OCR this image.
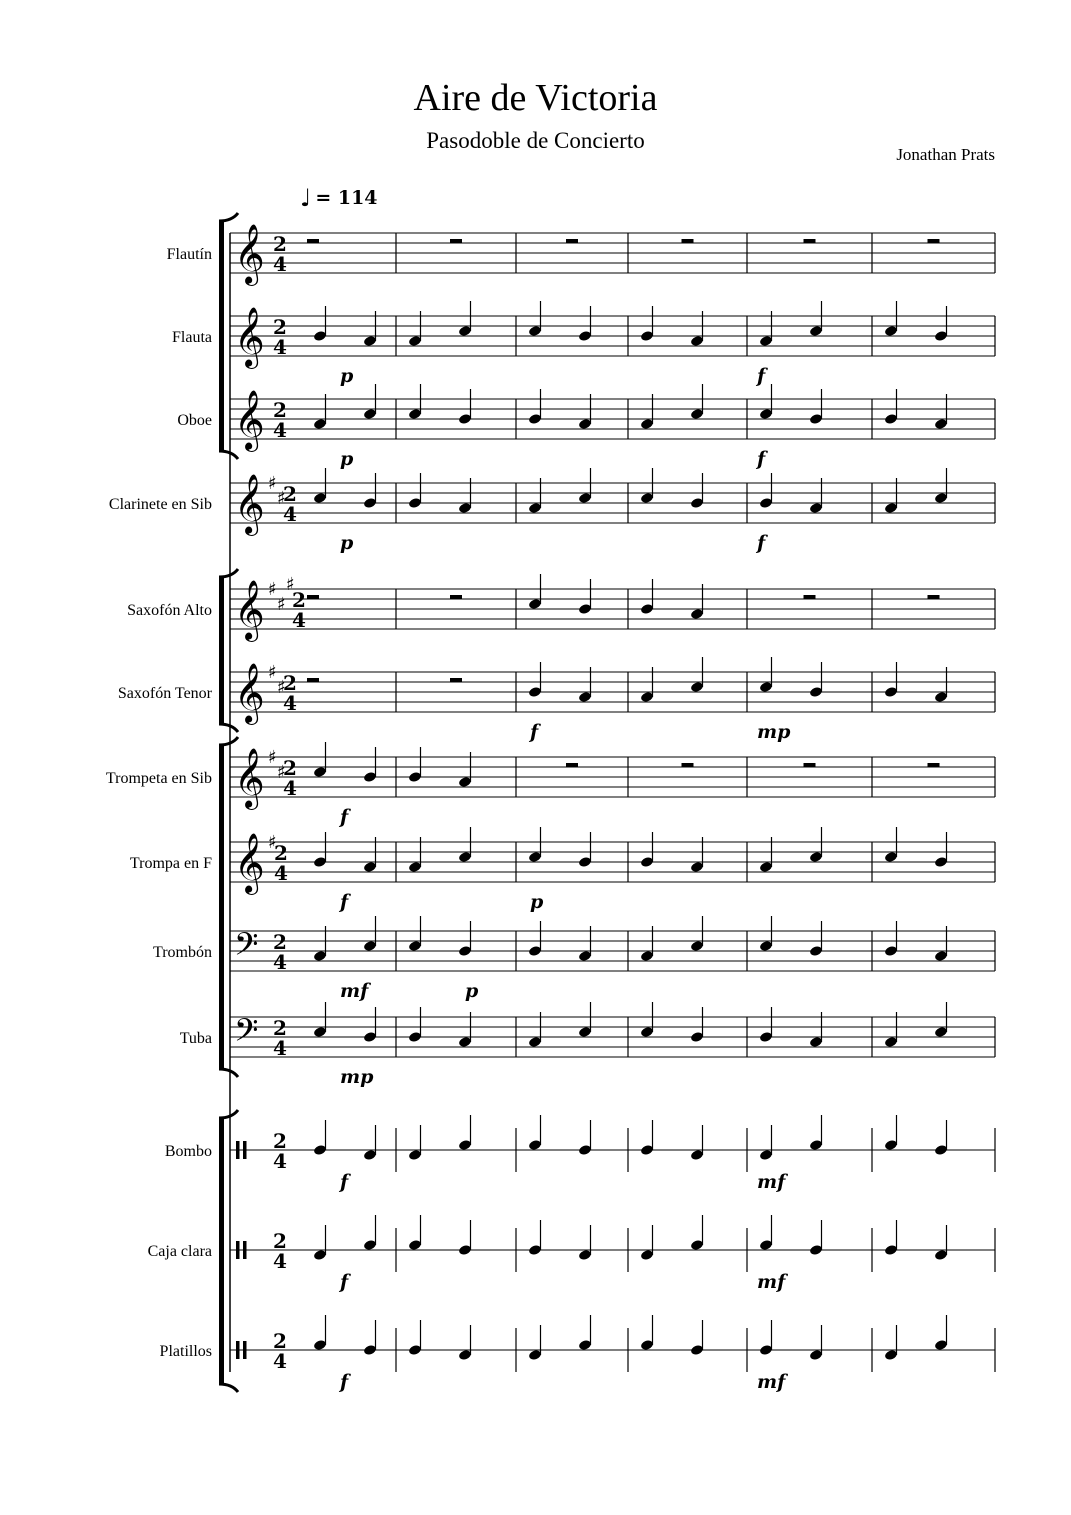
Aire de Victoria
Pasodoble de Concierto
Jonathan Prats
♩ = 114
Flautín 𝄞 2
4
Flauta 𝄞 2
4
p	f
Oboe 𝄞 2
4
p	f
Clarinete en Sib 𝄞 ♯
♯
2
4
p	f
Saxofón Alto 𝄞 ♯
♯
♯
2
4
Saxofón Tenor 𝄞 ♯
♯
2
4
f	mp
Trompeta en Sib 𝄞 ♯
♯
2
4
f
Trompa en F 𝄞 ♯
2
4
f	p
Trombón 𝄢 2
4
mf	p
Tuba 𝄢 2
4
mp
Bombo	2
4
f	mf
Caja clara	2
4
f	mf
Platillos	2
4
f	mf
